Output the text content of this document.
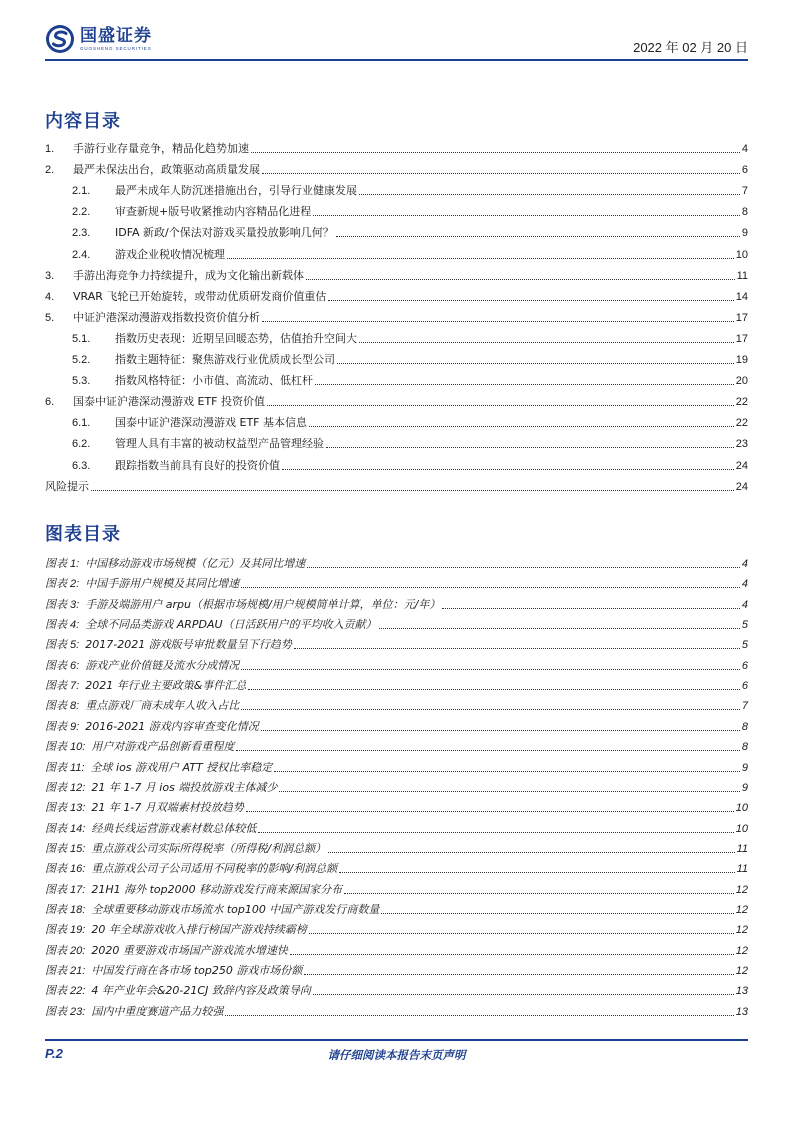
国盛证券
GUOSHENG SECURITIES	2022 年 02 月 20 日
内容目录
1.	手游行业存量竞争，精品化趋势加速	4
2.	最严未保法出台，政策驱动高质量发展	6
2.1.	最严未成年人防沉迷措施出台，引导行业健康发展	7
2.2.	审查新规+版号收紧推动内容精品化进程	8
2.3.	IDFA 新政/个保法对游戏买量投放影响几何？	9
2.4.	游戏企业税收情况梳理	10
3.	手游出海竞争力持续提升，成为文化输出新载体	11
4.	VRAR 飞轮已开始旋转，或带动优质研发商价值重估	14
5.	中证沪港深动漫游戏指数投资价值分析	17
5.1.	指数历史表现：近期呈回暖态势，估值抬升空间大	17
5.2.	指数主题特征：聚焦游戏行业优质成长型公司	19
5.3.	指数风格特征：小市值、高流动、低杠杆	20
6.	国泰中证沪港深动漫游戏 ETF 投资价值	22
6.1.	国泰中证沪港深动漫游戏 ETF 基本信息	22
6.2.	管理人具有丰富的被动权益型产品管理经验	23
6.3.	跟踪指数当前具有良好的投资价值	24
风险提示	24
图表目录
图表 1: 中国移动游戏市场规模（亿元）及其同比增速	4
图表 2: 中国手游用户规模及其同比增速	4
图表 3: 手游及端游用户 arpu（根据市场规模/用户规模简单计算，单位：元/年）	4
图表 4: 全球不同品类游戏 ARPDAU（日活跃用户的平均收入贡献）	5
图表 5: 2017-2021 游戏版号审批数量呈下行趋势	5
图表 6: 游戏产业价值链及流水分成情况	6
图表 7: 2021 年行业主要政策&事件汇总	6
图表 8: 重点游戏厂商未成年人收入占比	7
图表 9: 2016-2021 游戏内容审查变化情况	8
图表 10: 用户对游戏产品创新看重程度	8
图表 11: 全球 ios 游戏用户 ATT 授权比率稳定	9
图表 12: 21 年 1-7 月 ios 端投放游戏主体减少	9
图表 13: 21 年 1-7 月双端素材投放趋势	10
图表 14: 经典长线运营游戏素材数总体较低	10
图表 15: 重点游戏公司实际所得税率（所得税/利润总额）	11
图表 16: 重点游戏公司子公司适用不同税率的影响/利润总额	11
图表 17: 21H1 海外 top2000 移动游戏发行商来源国家分布	12
图表 18: 全球重要移动游戏市场流水 top100 中国产游戏发行商数量	12
图表 19: 20 年全球游戏收入排行榜国产游戏持续霸榜	12
图表 20: 2020 重要游戏市场国产游戏流水增速快	12
图表 21: 中国发行商在各市场 top250 游戏市场份额	12
图表 22: 4 年产业年会&20-21CJ 致辞内容及政策导向	13
图表 23: 国内中重度赛道产品力较强	13
P.2	请仔细阅读本报告末页声明
